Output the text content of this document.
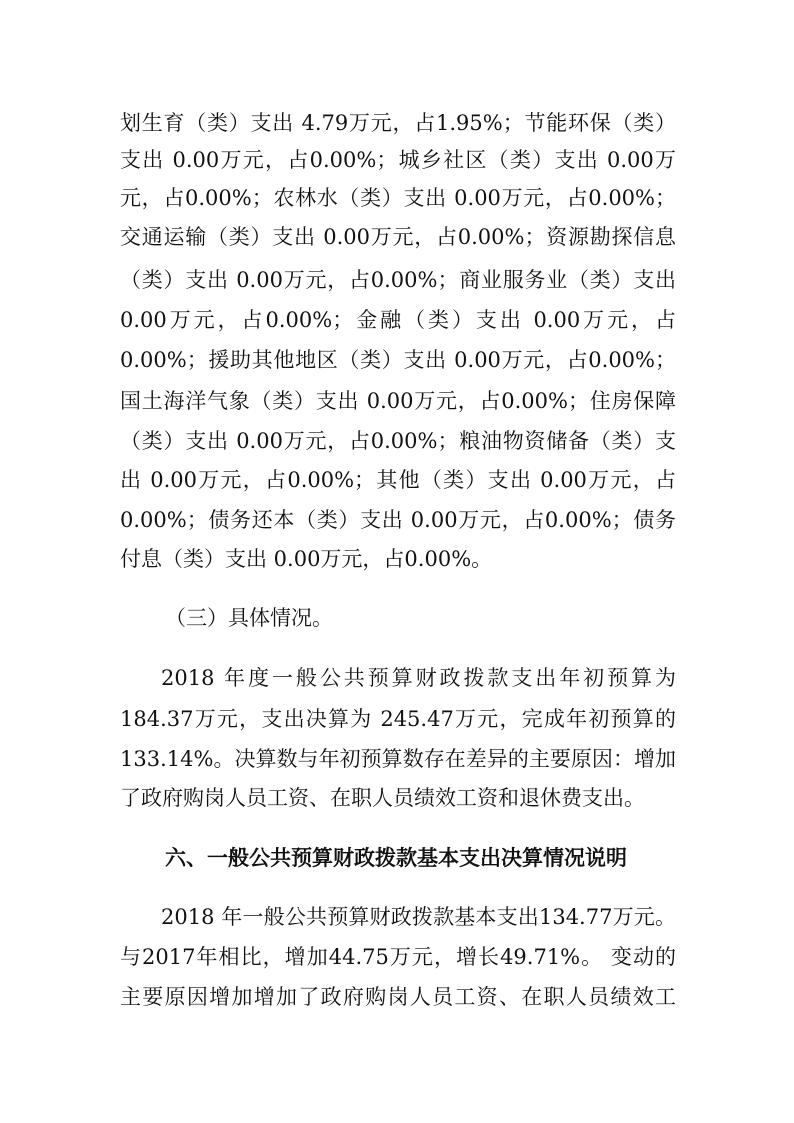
划生育（类）支出 4.79万元，占1.95%；节能环保（类）
支出 0.00万元，占0.00%；城乡社区（类）支出 0.00万
元，占0.00%；农林水（类）支出 0.00万元，占0.00%；
交通运输（类）支出 0.00万元，占0.00%；资源勘探信息
（类）支出 0.00万元，占0.00%；商业服务业（类）支出
0.00万元，占0.00%；金融（类）支出 0.00万元，占
0.00%；援助其他地区（类）支出 0.00万元，占0.00%；
国土海洋气象（类）支出 0.00万元，占0.00%；住房保障
（类）支出 0.00万元，占0.00%；粮油物资储备（类）支
出 0.00万元，占0.00%；其他（类）支出 0.00万元，占
0.00%；债务还本（类）支出 0.00万元，占0.00%；债务
付息（类）支出 0.00万元，占0.00%。
（三）具体情况。
2018 年度一般公共预算财政拨款支出年初预算为
184.37万元，支出决算为 245.47万元，完成年初预算的
133.14%。决算数与年初预算数存在差异的主要原因：增加
了政府购岗人员工资、在职人员绩效工资和退休费支出。
六、一般公共预算财政拨款基本支出决算情况说明
2018 年一般公共预算财政拨款基本支出134.77万元。
与2017年相比，增加44.75万元，增长49.71%。 变动的
主要原因增加增加了政府购岗人员工资、在职人员绩效工
